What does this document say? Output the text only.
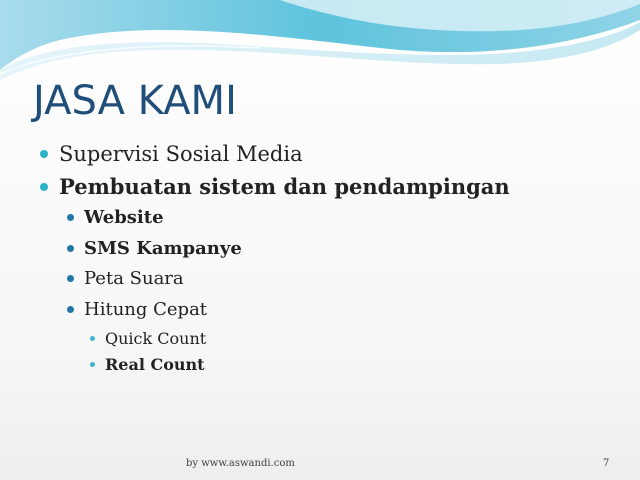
JASA KAMI
Supervisi Sosial Media
Pembuatan sistem dan pendampingan
Website
SMS Kampanye
Peta Suara
Hitung Cepat
Quick Count
Real Count
by www.aswandi.com	7
